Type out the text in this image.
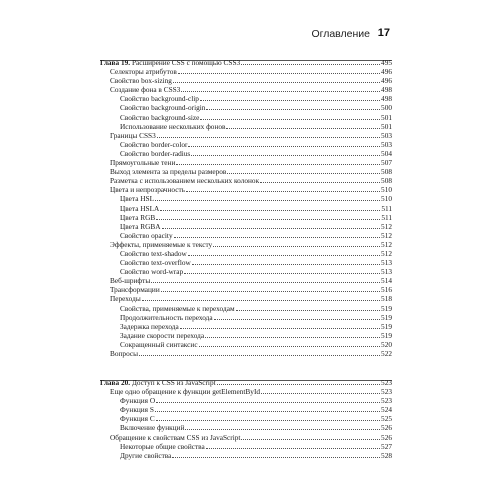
Оглавление 17
Глава 19. Расширение CSS с помощью CSS3	495
Селекторы атрибутов	496
Свойство box-sizing	496
Создание фона в CSS3	498
Свойство background-clip	498
Свойство background-origin	500
Свойство background-size	501
Использование нескольких фонов	501
Границы CSS3	503
Свойство border-color	503
Свойство border-radius	504
Прямоугольные тени	507
Выход элемента за пределы размеров	508
Разметка с использованием нескольких колонок	508
Цвета и непрозрачность	510
Цвета HSL	510
Цвета HSLA	511
Цвета RGB	511
Цвета RGBA	512
Свойство opacity	512
Эффекты, применяемые к тексту	512
Свойство text-shadow	512
Свойство text-overflow	513
Свойство word-wrap	513
Веб-шрифты	514
Трансформации	516
Переходы	518
Свойства, применяемые к переходам	519
Продолжительность перехода	519
Задержка перехода	519
Задание скорости перехода	519
Сокращенный синтаксис	520
Вопросы	522
Глава 20. Доступ к CSS из JavaScript	523
Еще одно обращение к функции getElementById	523
Функция O	523
Функция S	524
Функция C	525
Включение функций	526
Обращение к свойствам CSS из JavaScript	526
Некоторые общие свойства	527
Другие свойства	528
